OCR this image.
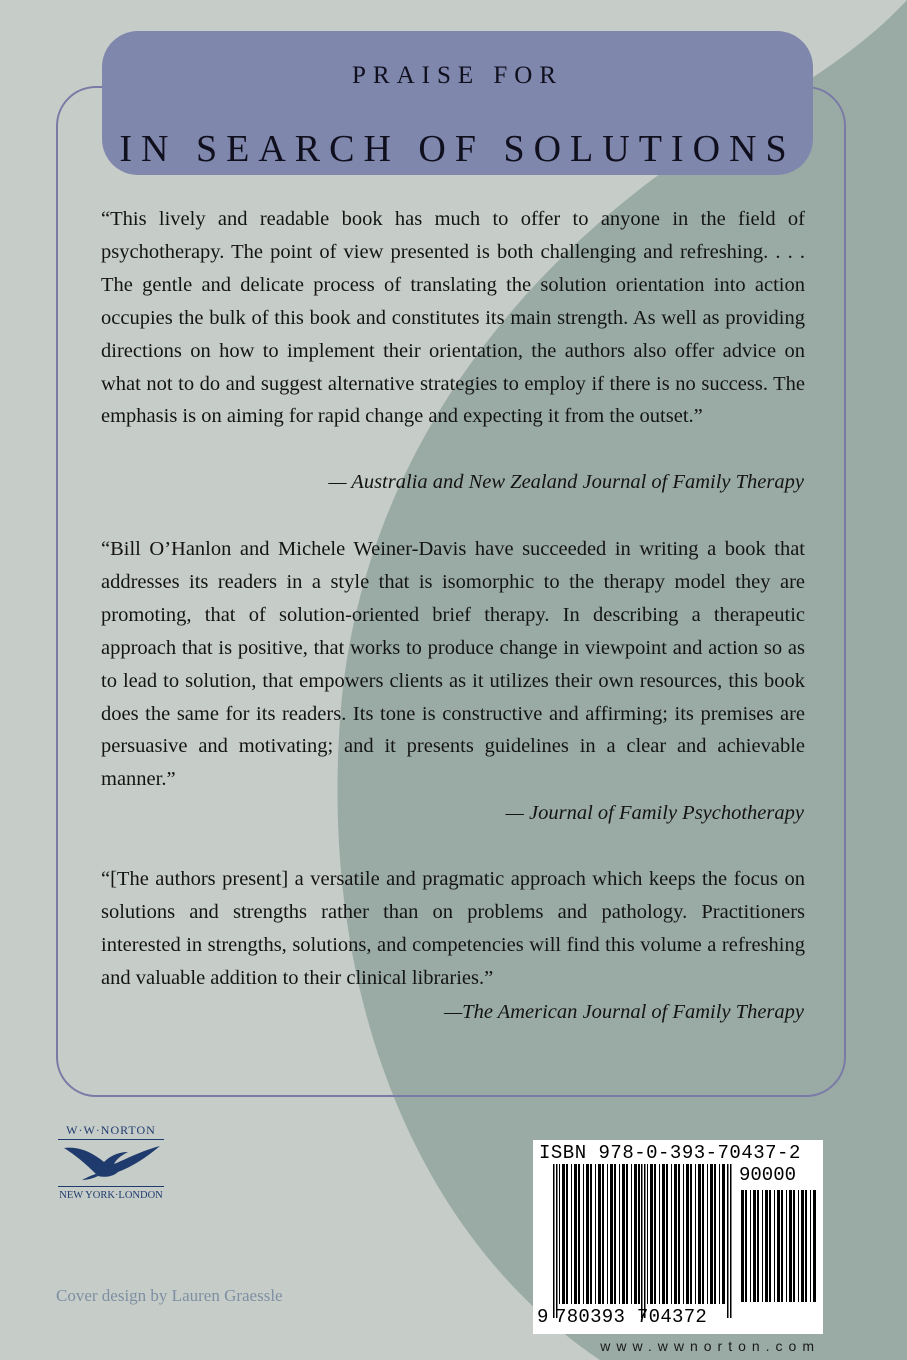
PRAISE FOR
IN SEARCH OF SOLUTIONS
“This lively and readable book has much to offer to anyone in the field of psychotherapy. The point of view presented is both challenging and refreshing. . . . The gentle and delicate process of translating the solution orientation into action occupies the bulk of this book and constitutes its main strength. As well as providing directions on how to implement their orientation, the authors also offer advice on what not to do and suggest alternative strategies to employ if there is no success. The emphasis is on aiming for rapid change and expecting it from the outset.”
— Australia and New Zealand Journal of Family Therapy
“Bill O’Hanlon and Michele Weiner-Davis have succeeded in writing a book that addresses its readers in a style that is isomorphic to the therapy model they are promoting, that of solution-oriented brief therapy. In describing a therapeutic approach that is positive, that works to produce change in viewpoint and action so as to lead to solution, that empowers clients as it utilizes their own resources, this book does the same for its readers. Its tone is constructive and affirming; its premises are persuasive and motivating; and it presents guidelines in a clear and achievable manner.”
— Journal of Family Psychotherapy
“[The authors present] a versatile and pragmatic approach which keeps the focus on solutions and strengths rather than on problems and pathology. Practitioners interested in strengths, solutions, and competencies will find this volume a refreshing and valuable addition to their clinical libraries.”
—The American Journal of Family Therapy
W·W·NORTON
NEW YORK·LONDON
Cover design by Lauren Graessle
ISBN 978-0-393-70437-2
90000
9 780393 704372
www.wwnorton.com
